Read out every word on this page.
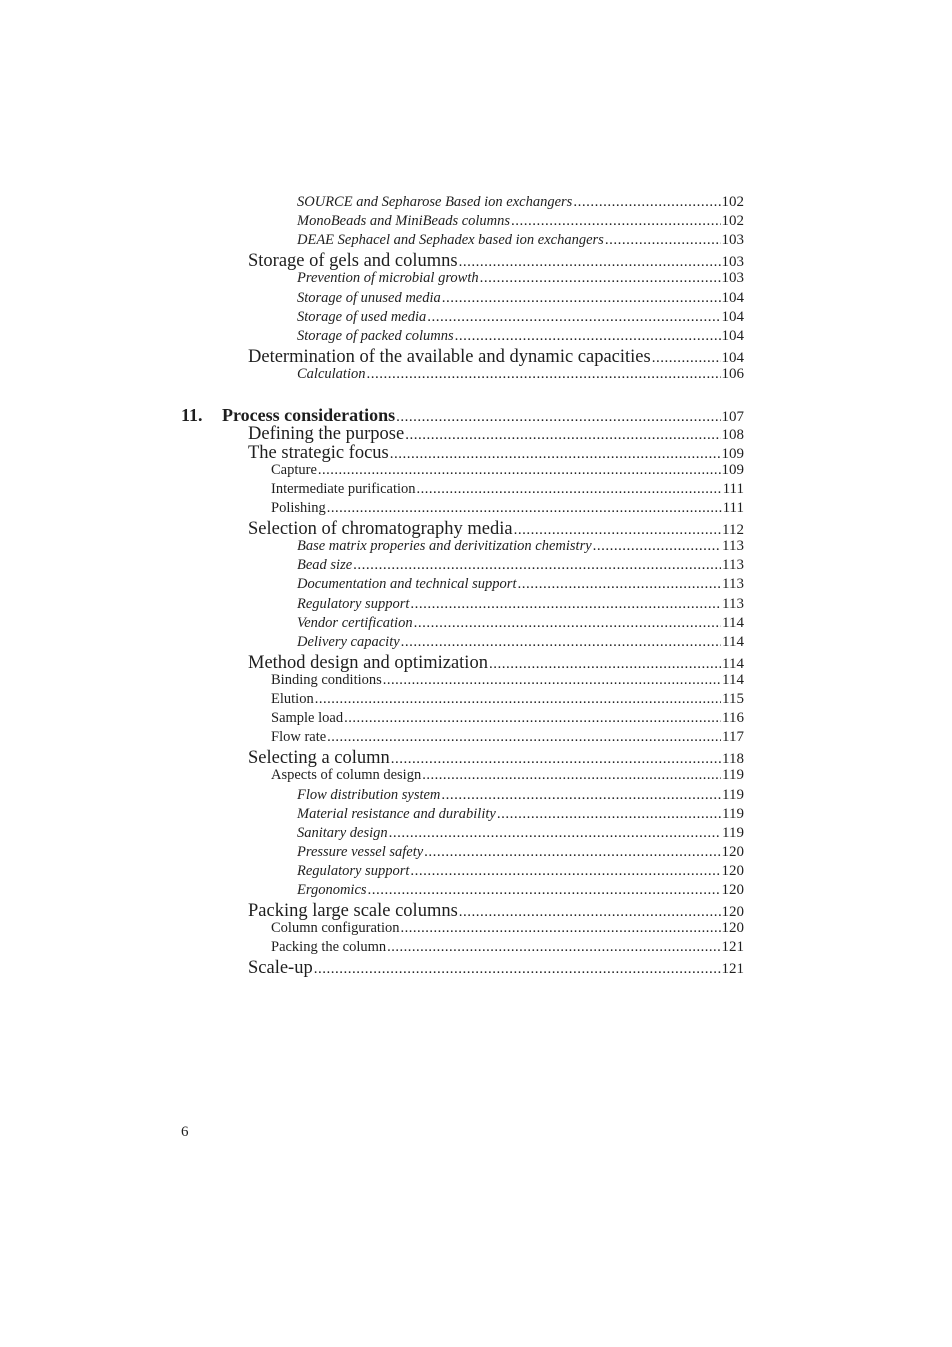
SOURCE and Sepharose Based ion exchangers .....	102
MonoBeads and MiniBeads columns .....	102
DEAE Sephacel and Sephadex based ion exchangers .....	103
Storage of gels and columns .....	103
Prevention of microbial growth .....	103
Storage of unused media .....	104
Storage of used media .....	104
Storage of packed columns .....	104
Determination of the available and dynamic capacities .....	104
Calculation .....	106
11. Process considerations .....	107
Defining the purpose .....	108
The strategic focus .....	109
Capture .....	109
Intermediate purification .....	111
Polishing .....	111
Selection of chromatography media .....	112
Base matrix properies and derivitization chemistry .....	113
Bead size .....	113
Documentation and technical support .....	113
Regulatory support .....	113
Vendor certification .....	114
Delivery capacity .....	114
Method design and optimization .....	114
Binding conditions .....	114
Elution .....	115
Sample load .....	116
Flow rate .....	117
Selecting a column .....	118
Aspects of column design .....	119
Flow distribution system .....	119
Material resistance and durability .....	119
Sanitary design .....	119
Pressure vessel safety .....	120
Regulatory support .....	120
Ergonomics .....	120
Packing large scale columns .....	120
Column configuration .....	120
Packing the column .....	121
Scale-up .....	121
6
